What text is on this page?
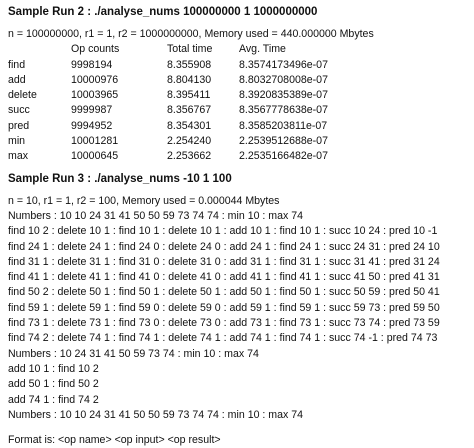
Sample Run 2 : ./analyse_nums 100000000 1 1000000000
n = 100000000, r1 = 1, r2 = 1000000000, Memory used = 440.000000 Mbytes
	Op counts	Total time	Avg. Time
find	9998194	8.355908	8.3574173496e-07
add	10000976	8.804130	8.8032708008e-07
delete	10003965	8.395411	8.3920835389e-07
succ	9999987	8.356767	8.3567778638e-07
pred	9994952	8.354301	8.3585203811e-07
min	10001281	2.254240	2.2539512688e-07
max	10000645	2.253662	2.2535166482e-07
Sample Run 3 : ./analyse_nums -10 1 100
n = 10, r1 = 1, r2 = 100, Memory used = 0.000044 Mbytes
Numbers : 10 10 24 31 41 50 50 59 73 74 74 : min 10 : max 74
find 10 2 : delete 10 1 : find 10 1 : delete 10 1 : add 10 1 : find 10 1 : succ 10 24 : pred 10 -1
find 24 1 : delete 24 1 : find 24 0 : delete 24 0 : add 24 1 : find 24 1 : succ 24 31 : pred 24 10
find 31 1 : delete 31 1 : find 31 0 : delete 31 0 : add 31 1 : find 31 1 : succ 31 41 : pred 31 24
find 41 1 : delete 41 1 : find 41 0 : delete 41 0 : add 41 1 : find 41 1 : succ 41 50 : pred 41 31
find 50 2 : delete 50 1 : find 50 1 : delete 50 1 : add 50 1 : find 50 1 : succ 50 59 : pred 50 41
find 59 1 : delete 59 1 : find 59 0 : delete 59 0 : add 59 1 : find 59 1 : succ 59 73 : pred 59 50
find 73 1 : delete 73 1 : find 73 0 : delete 73 0 : add 73 1 : find 73 1 : succ 73 74 : pred 73 59
find 74 2 : delete 74 1 : find 74 1 : delete 74 1 : add 74 1 : find 74 1 : succ 74 -1 : pred 74 73
Numbers : 10 24 31 41 50 59 73 74 : min 10 : max 74
add 10 1 : find 10 2
add 50 1 : find 50 2
add 74 1 : find 74 2
Numbers : 10 10 24 31 41 50 50 59 73 74 74 : min 10 : max 74
Format is: <op name> <op input> <op result>
